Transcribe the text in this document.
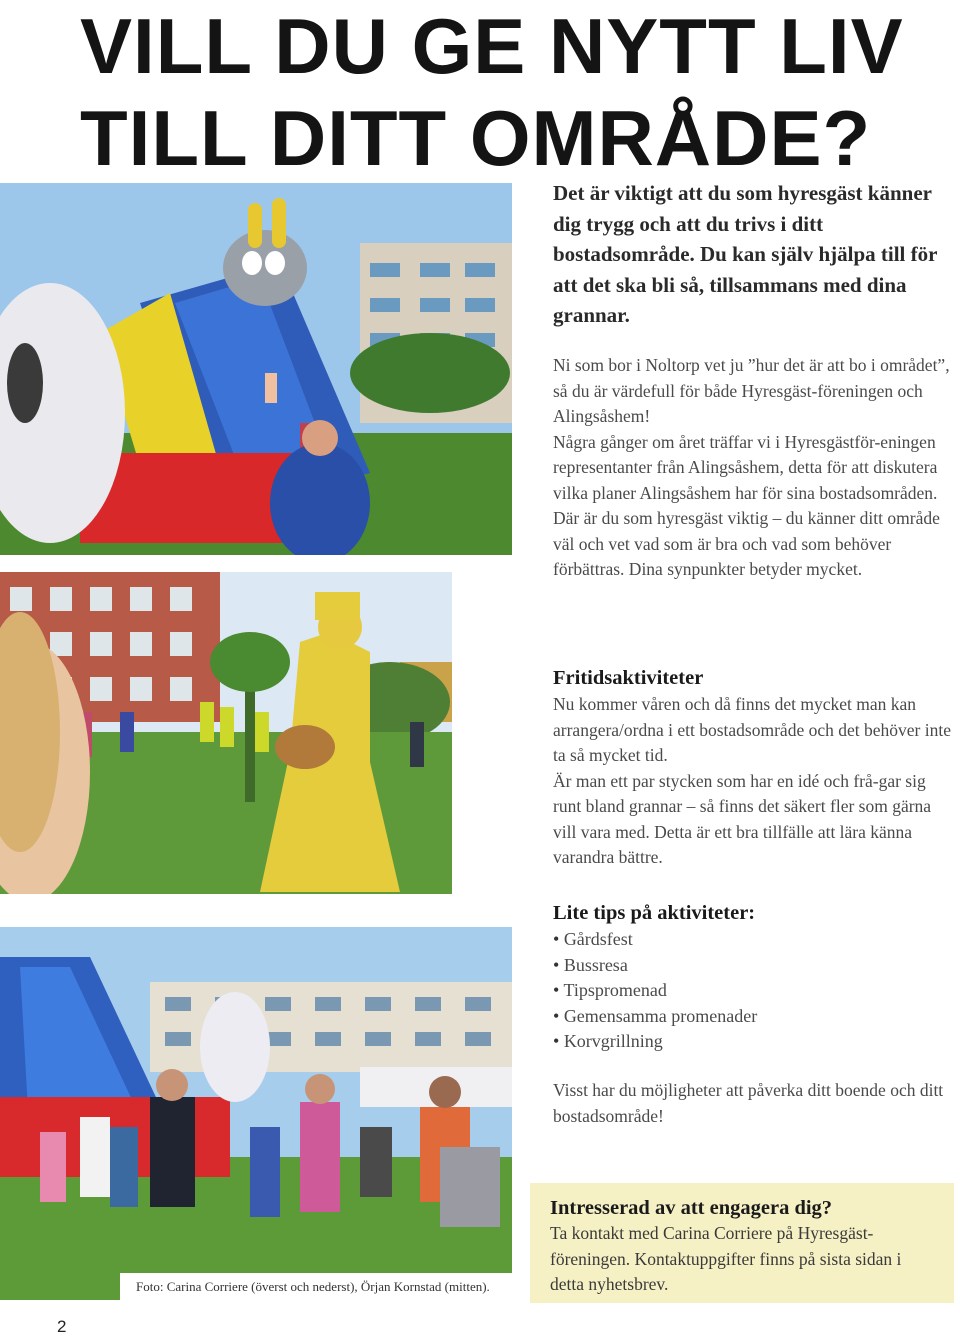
VILL DU GE NYTT LIV
TILL DITT OMRÅDE?
Foto: Carina Corriere (överst och nederst), Örjan Kornstad (mitten).
Det är viktigt att du som hyresgäst känner dig trygg och att du trivs i ditt bostadsområde. Du kan själv hjälpa till för att det ska bli så, tillsammans med dina grannar.

Ni som bor i Noltorp vet ju ”hur det är att bo i området”, så du är värdefull för både Hyresgäst-föreningen och Alingsåshem!

Några gånger om året träffar vi i Hyresgästför-eningen representanter från Alingsåshem, detta för att diskutera vilka planer Alingsåshem har för sina bostadsområden.

Där är du som hyresgäst viktig – du känner ditt område väl och vet vad som är bra och vad som behöver förbättras. Dina synpunkter betyder mycket.

Fritidsaktiviteter

Nu kommer våren och då finns det mycket man kan arrangera/ordna i ett bostadsområde och det behöver inte ta så mycket tid.

Är man ett par stycken som har en idé och frå-gar sig runt bland grannar – så finns det säkert fler som gärna vill vara med. Detta är ett bra tillfälle att lära känna varandra bättre.

Lite tips på aktiviteter:
• Gårdsfest
• Bussresa
• Tipspromenad
• Gemensamma promenader
• Korvgrillning
Visst har du möjligheter att påverka ditt boende och ditt bostadsområde!
Intresserad av att engagera dig?
Ta kontakt med Carina Corriere på Hyresgäst-föreningen. Kontaktuppgifter finns på sista sidan i detta nyhetsbrev.
2
